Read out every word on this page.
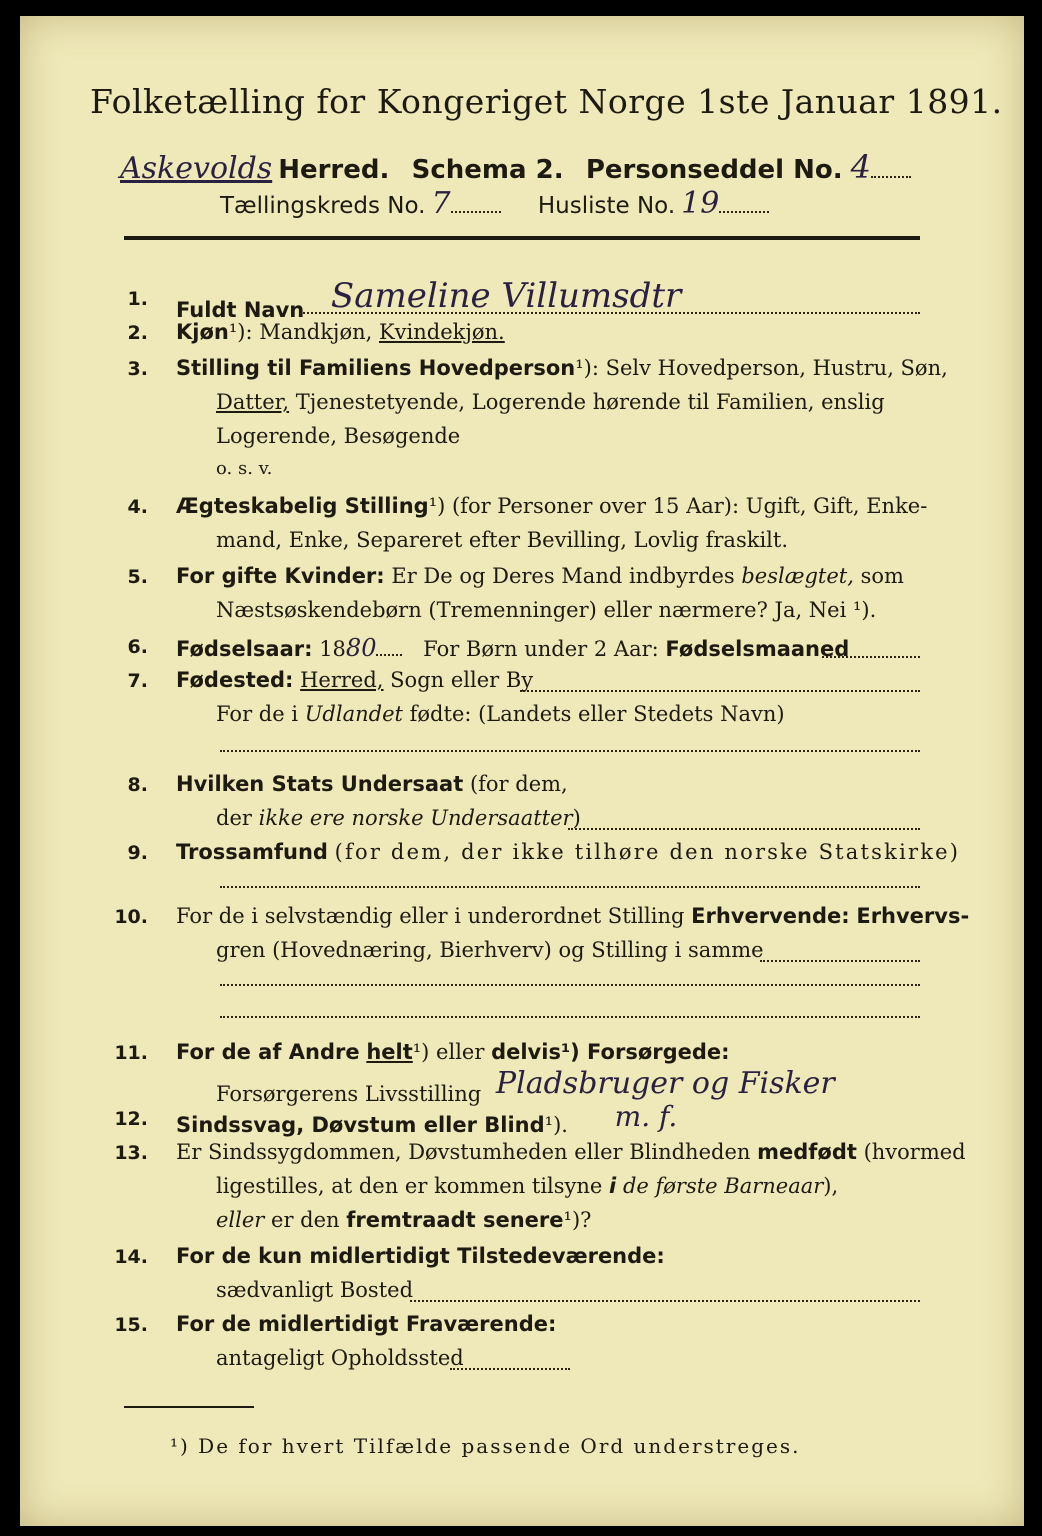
Folketælling for Kongeriget Norge 1ste Januar 1891.
Askevolds Herred. Schema 2. Personseddel No. 4
Tællingskreds No. 7	Husliste No. 19
1. Fuldt Navn Sameline Villumsdtr
2. Kjøn¹): Mandkjøn, Kvindekjøn.
3. Stilling til Familiens Hovedperson¹): Selv Hovedperson, Hustru, Søn,
Datter, Tjenestetyende, Logerende hørende til Familien, enslig
Logerende, Besøgende
o. s. v.
4. Ægteskabelig Stilling¹) (for Personer over 15 Aar): Ugift, Gift, Enke-
mand, Enke, Separeret efter Bevilling, Lovlig fraskilt.
5. For gifte Kvinder: Er De og Deres Mand indbyrdes beslægtet, som
Næstsøskendebørn (Tremenninger) eller nærmere? Ja, Nei ¹).
6. Fødselsaar: 1880 For Børn under 2 Aar: Fødselsmaaned
7. Fødested: Herred, Sogn eller By
For de i Udlandet fødte: (Landets eller Stedets Navn)
8. Hvilken Stats Undersaat (for dem,
der ikke ere norske Undersaatter)
9. Trossamfund (for dem, der ikke tilhøre den norske Statskirke)
10. For de i selvstændig eller i underordnet Stilling Erhvervende: Erhvervs-
gren (Hovednæring, Bierhverv) og Stilling i samme
11. For de af Andre helt¹) eller delvis¹) Forsørgede:
Forsørgerens Livsstilling Pladsbruger og Fisker
12. Sindssvag, Døvstum eller Blind¹). m. f.
13. Er Sindssygdommen, Døvstumheden eller Blindheden medfødt (hvormed
ligestilles, at den er kommen tilsyne i de første Barneaar),
eller er den fremtraadt senere¹)?
14. For de kun midlertidigt Tilstedeværende:
sædvanligt Bosted
15. For de midlertidigt Fraværende:
antageligt Opholdssted
¹) De for hvert Tilfælde passende Ord understreges.
